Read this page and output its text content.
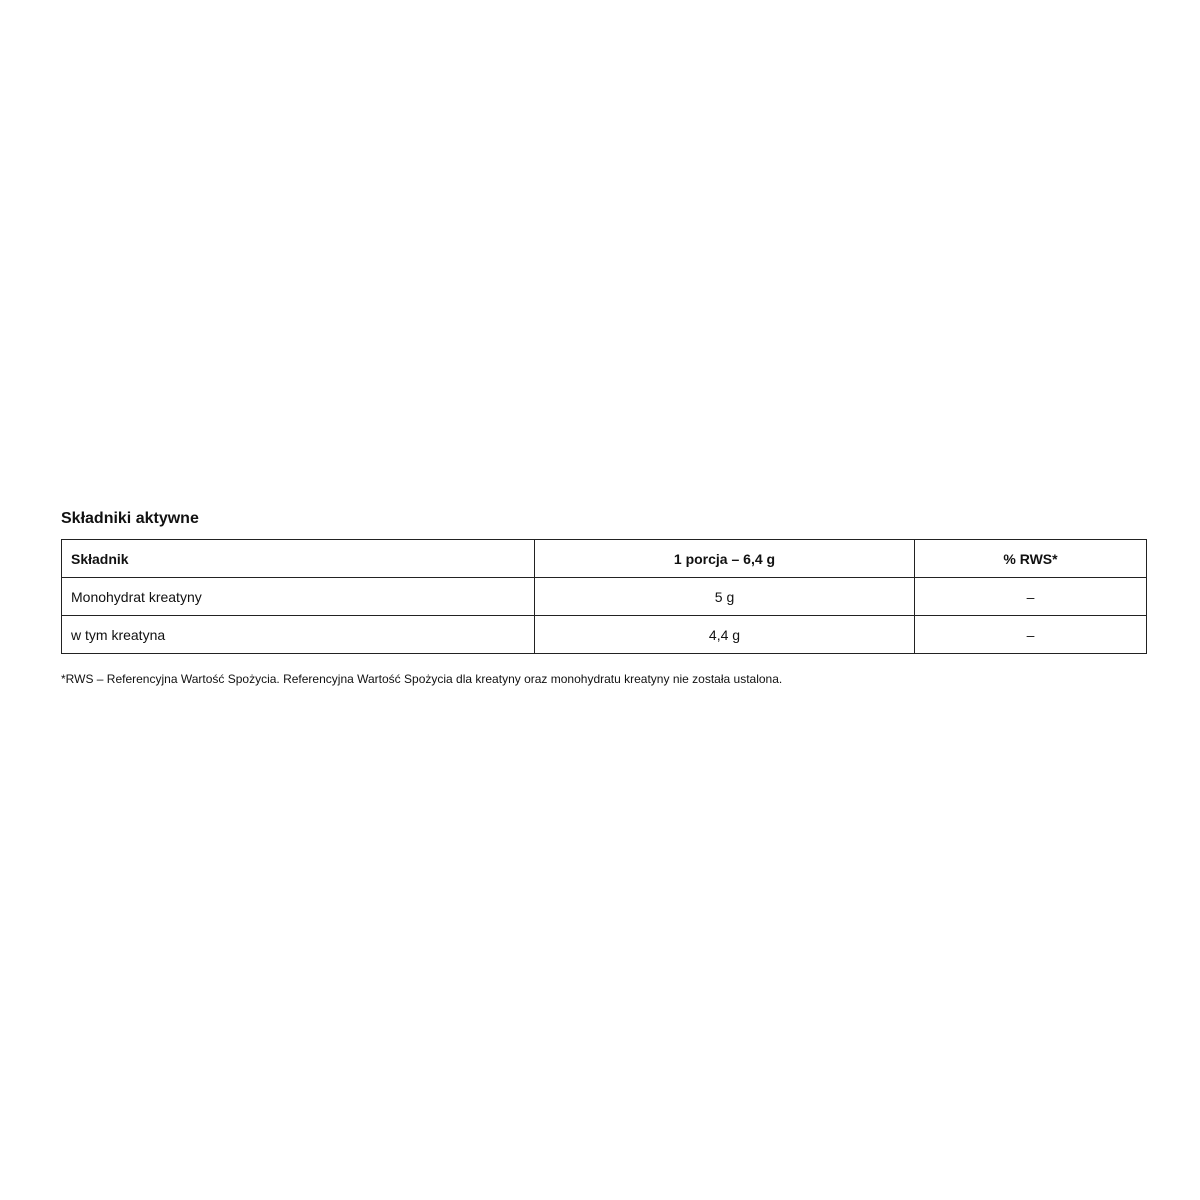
Składniki aktywne
Składnik	1 porcja – 6,4 g	% RWS*
Monohydrat kreatyny	5 g	–
w tym kreatyna	4,4 g	–

*RWS – Referencyjna Wartość Spożycia. Referencyjna Wartość Spożycia dla kreatyny oraz monohydratu kreatyny nie została ustalona.
